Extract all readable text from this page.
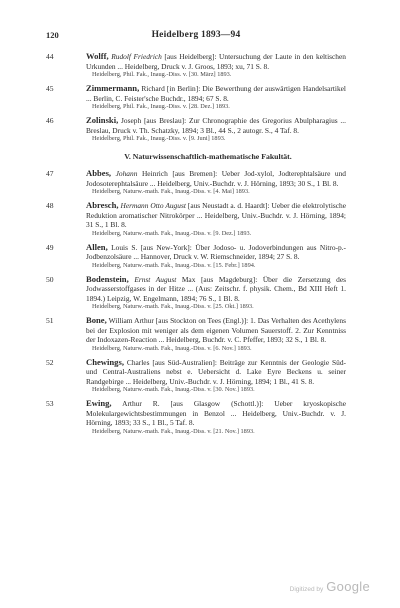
120	Heidelberg 1893—94
44	Wolff, Rudolf Friedrich [aus Heidelberg]: Untersuchung der Laute in den keltischen Urkunden ... Heidelberg, Druck v. J. Groos, 1893; xu, 71 S. 8.
Heidelberg, Phil. Fak., Inaug.-Diss. v. [30. März] 1893.
45	Zimmermann, Richard [in Berlin]: Die Bewerthung der auswärtigen Handelsartikel ... Berlin, C. Feister'sche Buchdr., 1894; 67 S. 8.
Heidelberg, Phil. Fak., Inaug.-Diss. v. [28. Dez.] 1893.
46	Zolinski, Joseph [aus Breslau]: Zur Chronographie des Gregorius Abulpharagius ... Breslau, Druck v. Th. Schatzky, 1894; 3 Bl., 44 S., 2 autogr. S., 4 Taf. 8.
Heidelberg, Phil. Fak., Inaug.-Diss. v. [9. Juni] 1893.
V. Naturwissenschaftlich-mathematische Fakultät.
47	Abbes, Johann Heinrich [aus Bremen]: Ueber Jod-xylol, Jodterephtalsäure und Jodosoterephtalsäure ... Heidelberg, Univ.-Buchdr. v. J. Hörning, 1893; 30 S., 1 Bl. 8.
Heidelberg, Naturw.-math. Fak., Inaug.-Diss. v. [4. Mai] 1893.
48	Abresch, Hermann Otto August [aus Neustadt a. d. Haardt]: Ueber die elektrolytische Reduktion aromatischer Nitrokörper ... Heidelberg, Univ.-Buchdr. v. J. Hörning, 1894; 31 S., 1 Bl. 8.
Heidelberg, Naturw.-math. Fak., Inaug.-Diss. v. [9. Dez.] 1893.
49	Allen, Louis S. [aus New-York]: Über Jodoso- u. Jodoverbindungen aus Nitro-p.-Jodbenzolsäure ... Hannover, Druck v. W. Riemschneider, 1894; 27 S. 8.
Heidelberg, Naturw.-math. Fak., Inaug.-Diss. v. [15. Febr.] 1894.
50	Bodenstein, Ernst August Max [aus Magdeburg]: Über die Zersetzung des Jodwasserstoffgases in der Hitze ... (Aus: Zeitschr. f. physik. Chem., Bd XIII Heft 1. 1894.) Leipzig, W. Engelmann, 1894; 76 S., 1 Bl. 8.
Heidelberg, Naturw.-math. Fak., Inaug.-Diss. v. [25. Okt.] 1893.
51	Bone, William Arthur [aus Stockton on Tees (Engl.)]: 1. Das Verhalten des Acethylens bei der Explosion mit weniger als dem eigenen Volumen Sauerstoff. 2. Zur Kenntniss der Indoxazen-Reaction ... Heidelberg, Buchdr. v. C. Pfeffer, 1893; 32 S., 1 Bl. 8.
Heidelberg, Naturw.-math. Fak., Inaug.-Diss. v. [6. Nov.] 1893.
52	Chewings, Charles [aus Süd-Australien]: Beiträge zur Kenntnis der Geologie Süd- und Central-Australiens nebst e. Uebersicht d. Lake Eyre Beckens u. seiner Randgebirge ... Heidelberg, Univ.-Buchdr. v. J. Hörning, 1894; 1 Bl., 41 S. 8.
Heidelberg, Naturw.-math. Fak., Inaug.-Diss. v. [30. Nov.] 1893.
53	Ewing, Arthur R. [aus Glasgow (Schottl.)]: Ueber kryoskopische Molekulargewichtsbestimmungen in Benzol ... Heidelberg, Univ.-Buchdr. v. J. Hörning, 1893; 33 S., 1 Bl., 5 Taf. 8.
Heidelberg, Naturw.-math. Fak., Inaug.-Diss. v. [21. Nov.] 1893.
Digitized by Google
